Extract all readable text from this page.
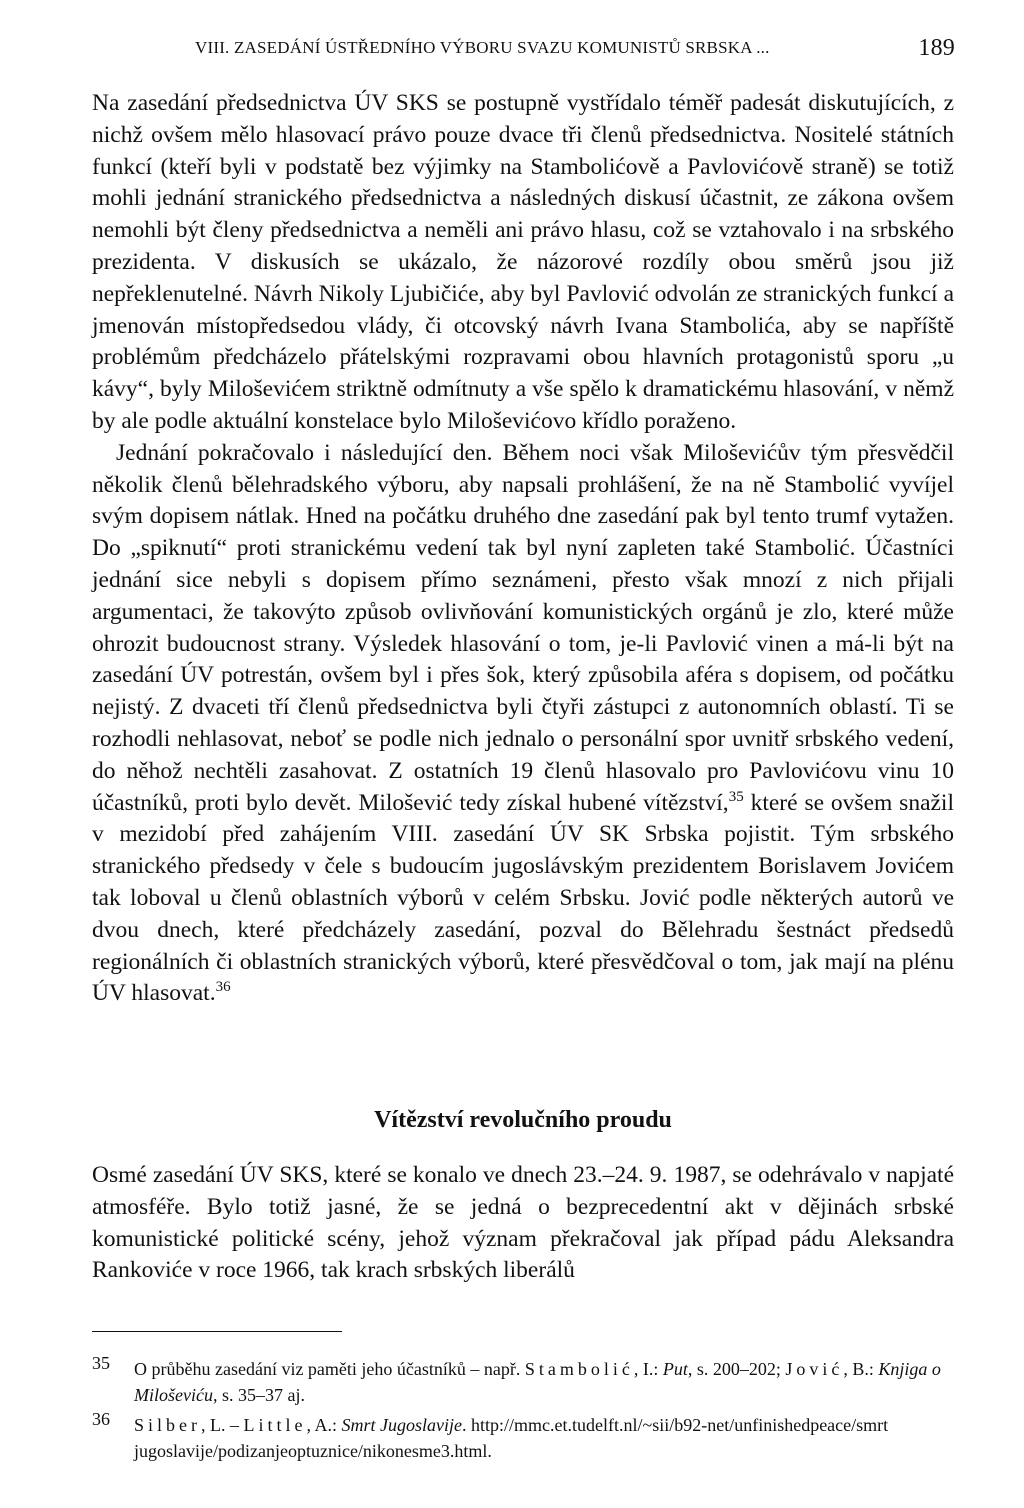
VIII. ZASEDÁNÍ ÚSTŘEDNÍHO VÝBORU SVAZU KOMUNISTŮ SRBSKA ...	189

Na zasedání předsednictva ÚV SKS se postupně vystřídalo téměř padesát diskutujících, z nichž ovšem mělo hlasovací právo pouze dvace tři členů předsednictva. Nositelé státních funkcí (kteří byli v podstatě bez výjimky na Stambolićově a Pavlovićově straně) se totiž mohli jednání stranického předsednictva a následných diskusí účastnit, ze zákona ovšem nemohli být členy předsednictva a neměli ani právo hlasu, což se vztahovalo i na srbského prezidenta. V diskusích se ukázalo, že názorové rozdíly obou směrů jsou již nepřeklenutelné. Návrh Nikoly Ljubičiće, aby byl Pavlović odvolán ze stranických funkcí a jmenován místopředsedou vlády, či otcovský návrh Ivana Stambolića, aby se napříště problémům předcházelo přátelskými rozpravami obou hlavních protagonistů sporu „u kávy“, byly Miloševićem striktně odmítnuty a vše spělo k dramatickému hlasování, v němž by ale podle aktuální konstelace bylo Miloševićovo křídlo poraženo.

Jednání pokračovalo i následující den. Během noci však Miloševićův tým přesvědčil několik členů bělehradského výboru, aby napsali prohlášení, že na ně Stambolić vyvíjel svým dopisem nátlak. Hned na počátku druhého dne zasedání pak byl tento trumf vytažen. Do „spiknutí“ proti stranickému vedení tak byl nyní zapleten také Stambolić. Účastníci jednání sice nebyli s dopisem přímo seznámeni, přesto však mnozí z nich přijali argumentaci, že takovýto způsob ovlivňování komunistických orgánů je zlo, které může ohrozit budoucnost strany. Výsledek hlasování o tom, je-li Pavlović vinen a má-li být na zasedání ÚV potrestán, ovšem byl i přes šok, který způsobila aféra s dopisem, od počátku nejistý. Z dvaceti tří členů předsednictva byli čtyři zástupci z autonomních oblastí. Ti se rozhodli nehlasovat, neboť se podle nich jednalo o personální spor uvnitř srbského vedení, do něhož nechtěli zasahovat. Z ostatních 19 členů hlasovalo pro Pavlovićovu vinu 10 účastníků, proti bylo devět. Milošević tedy získal hubené vítězství,$^{35}$ které se ovšem snažil v mezidobí před zahájením VIII. zasedání ÚV SK Srbska pojistit. Tým srbského stranického předsedy v čele s budoucím jugoslávským prezidentem Borislavem Jovićem tak loboval u členů oblastních výborů v celém Srbsku. Jović podle některých autorů ve dvou dnech, které předcházely zasedání, pozval do Bělehradu šestnáct předsedů regionálních či oblastních stranických výborů, které přesvědčoval o tom, jak mají na plénu ÚV hlasovat.$^{36}$

Vítězství revolučního proudu

Osmé zasedání ÚV SKS, které se konalo ve dnech 23.–24. 9. 1987, se odehrávalo v napjaté atmosféře. Bylo totiž jasné, že se jedná o bezprecedentní akt v dějinách srbské komunistické politické scény, jehož význam překračoval jak případ pádu Aleksandra Rankoviće v roce 1966, tak krach srbských liberálů

35 O průběhu zasedání viz paměti jeho účastníků – např. Stambolić, I.: Put, s. 200–202; Jović, B.: Knjiga o Miloševiću, s. 35–37 aj.
36 Silber, L. – Little, A.: Smrt Jugoslavije. http://mmc.et.tudelft.nl/~sii/b92-net/unfinishedpeace/smrt jugoslavije/podizanjeoptuznice/nikonesme3.html.
